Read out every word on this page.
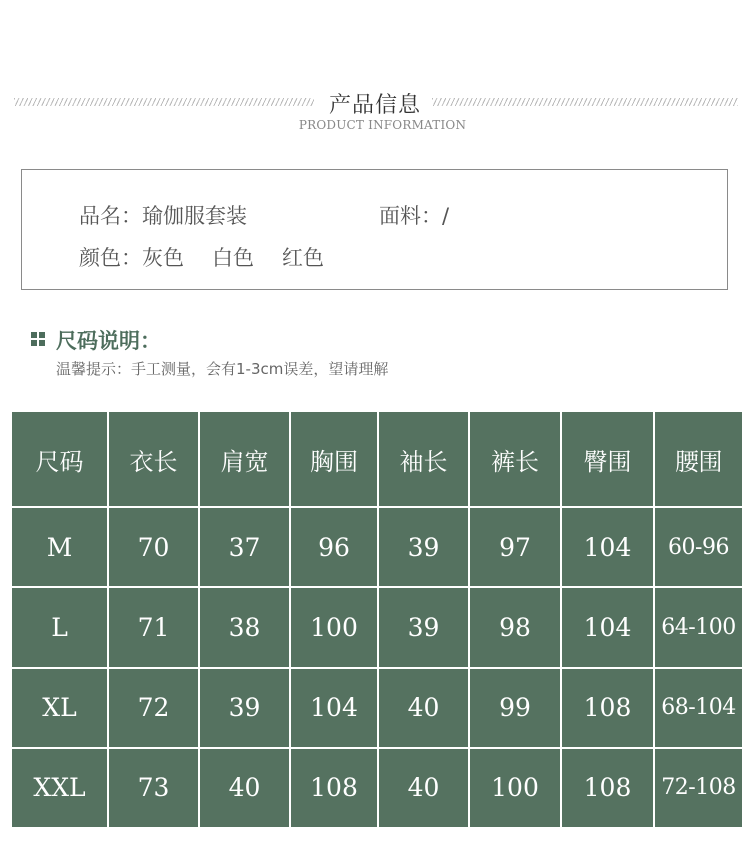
产品信息
PRODUCT INFORMATION
品名：瑜伽服套装	面料：/
颜色：灰色 白色 红色
尺码说明：
温馨提示：手工测量，会有1-3cm误差，望请理解
尺码	衣长	肩宽	胸围	袖长	裤长	臀围	腰围
M	70	37	96	39	97	104	60-96
L	71	38	100	39	98	104	64-100
XL	72	39	104	40	99	108	68-104
XXL	73	40	108	40	100	108	72-108
